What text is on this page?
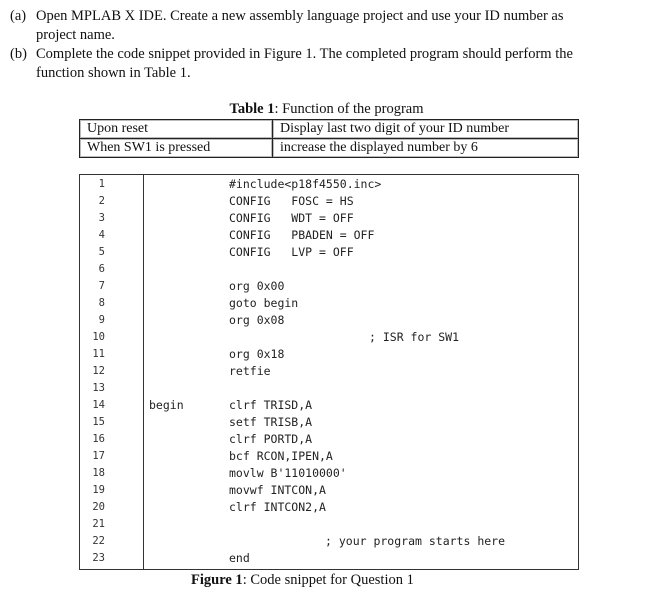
(a) Open MPLAB X IDE. Create a new assembly language project and use your ID number as
project name.
(b) Complete the code snippet provided in Figure 1. The completed program should perform the
function shown in Table 1.
Table 1: Function of the program
Upon reset	Display last two digit of your ID number
When SW1 is pressed	increase the displayed number by 6
1
2
3
4
5
6
7
8
9
10
11
12
13
14
15
16
17
18
19
20
21
22
23
#include<p18f4550.inc>
CONFIG   FOSC = HS
CONFIG   WDT = OFF
CONFIG   PBADEN = OFF
CONFIG   LVP = OFF
org 0x00
goto begin
org 0x08
org 0x18
retfie
clrf TRISD,A
setf TRISB,A
clrf PORTD,A
bcf RCON,IPEN,A
movlw B'11010000'
movwf INTCON,A
clrf INTCON2,A
end
begin
; ISR for SW1
; your program starts here
Figure 1: Code snippet for Question 1
